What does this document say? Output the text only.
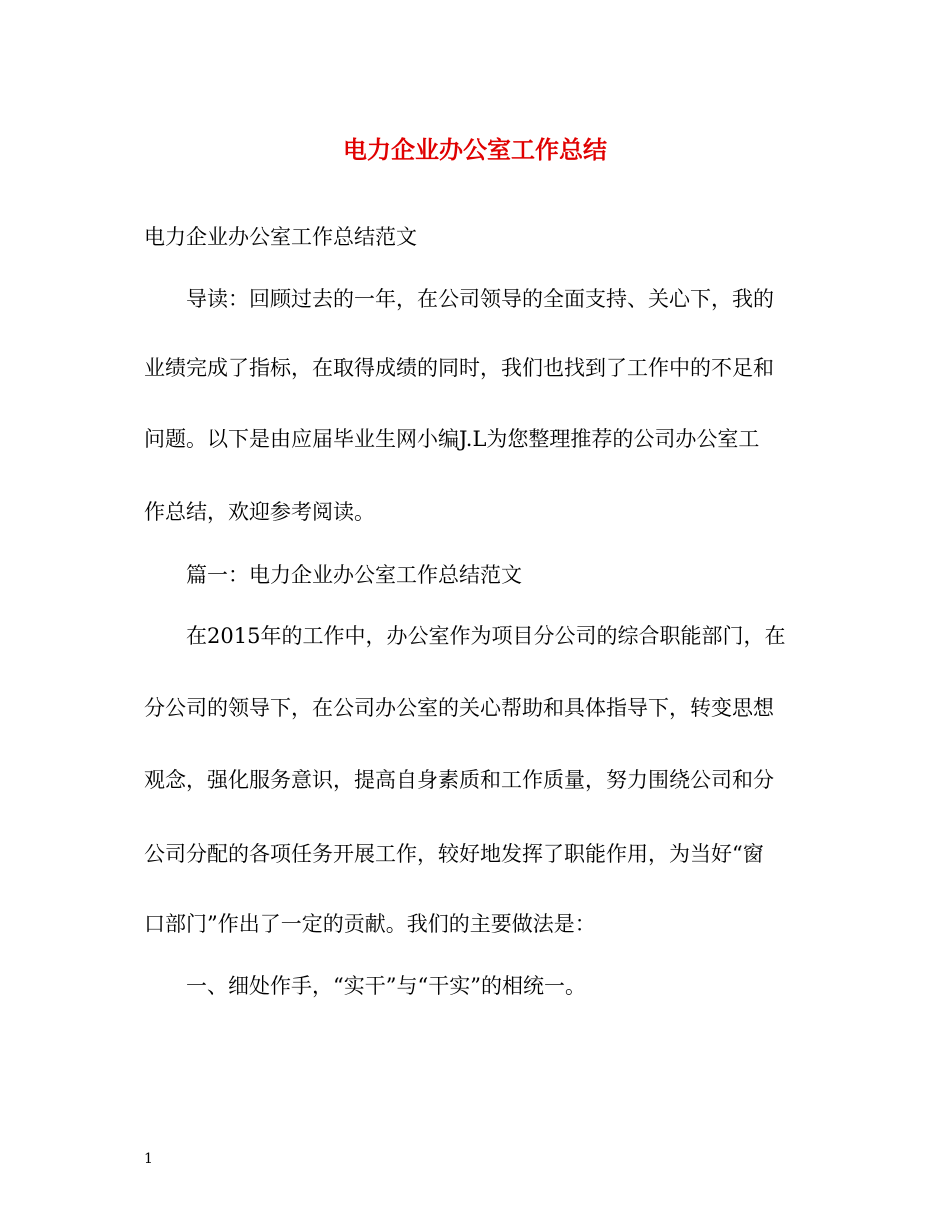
电力企业办公室工作总结

电力企业办公室工作总结范文

导读：回顾过去的一年，在公司领导的全面支持、关心下，我的

业绩完成了指标，在取得成绩的同时，我们也找到了工作中的不足和

问题。以下是由应届毕业生网小编J.L为您整理推荐的公司办公室工

作总结，欢迎参考阅读。

篇一：电力企业办公室工作总结范文

在2015年的工作中，办公室作为项目分公司的综合职能部门，在

分公司的领导下，在公司办公室的关心帮助和具体指导下，转变思想

观念，强化服务意识，提高自身素质和工作质量，努力围绕公司和分

公司分配的各项任务开展工作，较好地发挥了职能作用，为当好“窗

口部门”作出了一定的贡献。我们的主要做法是：

一、细处作手，“实干”与“干实”的相统一。

1
